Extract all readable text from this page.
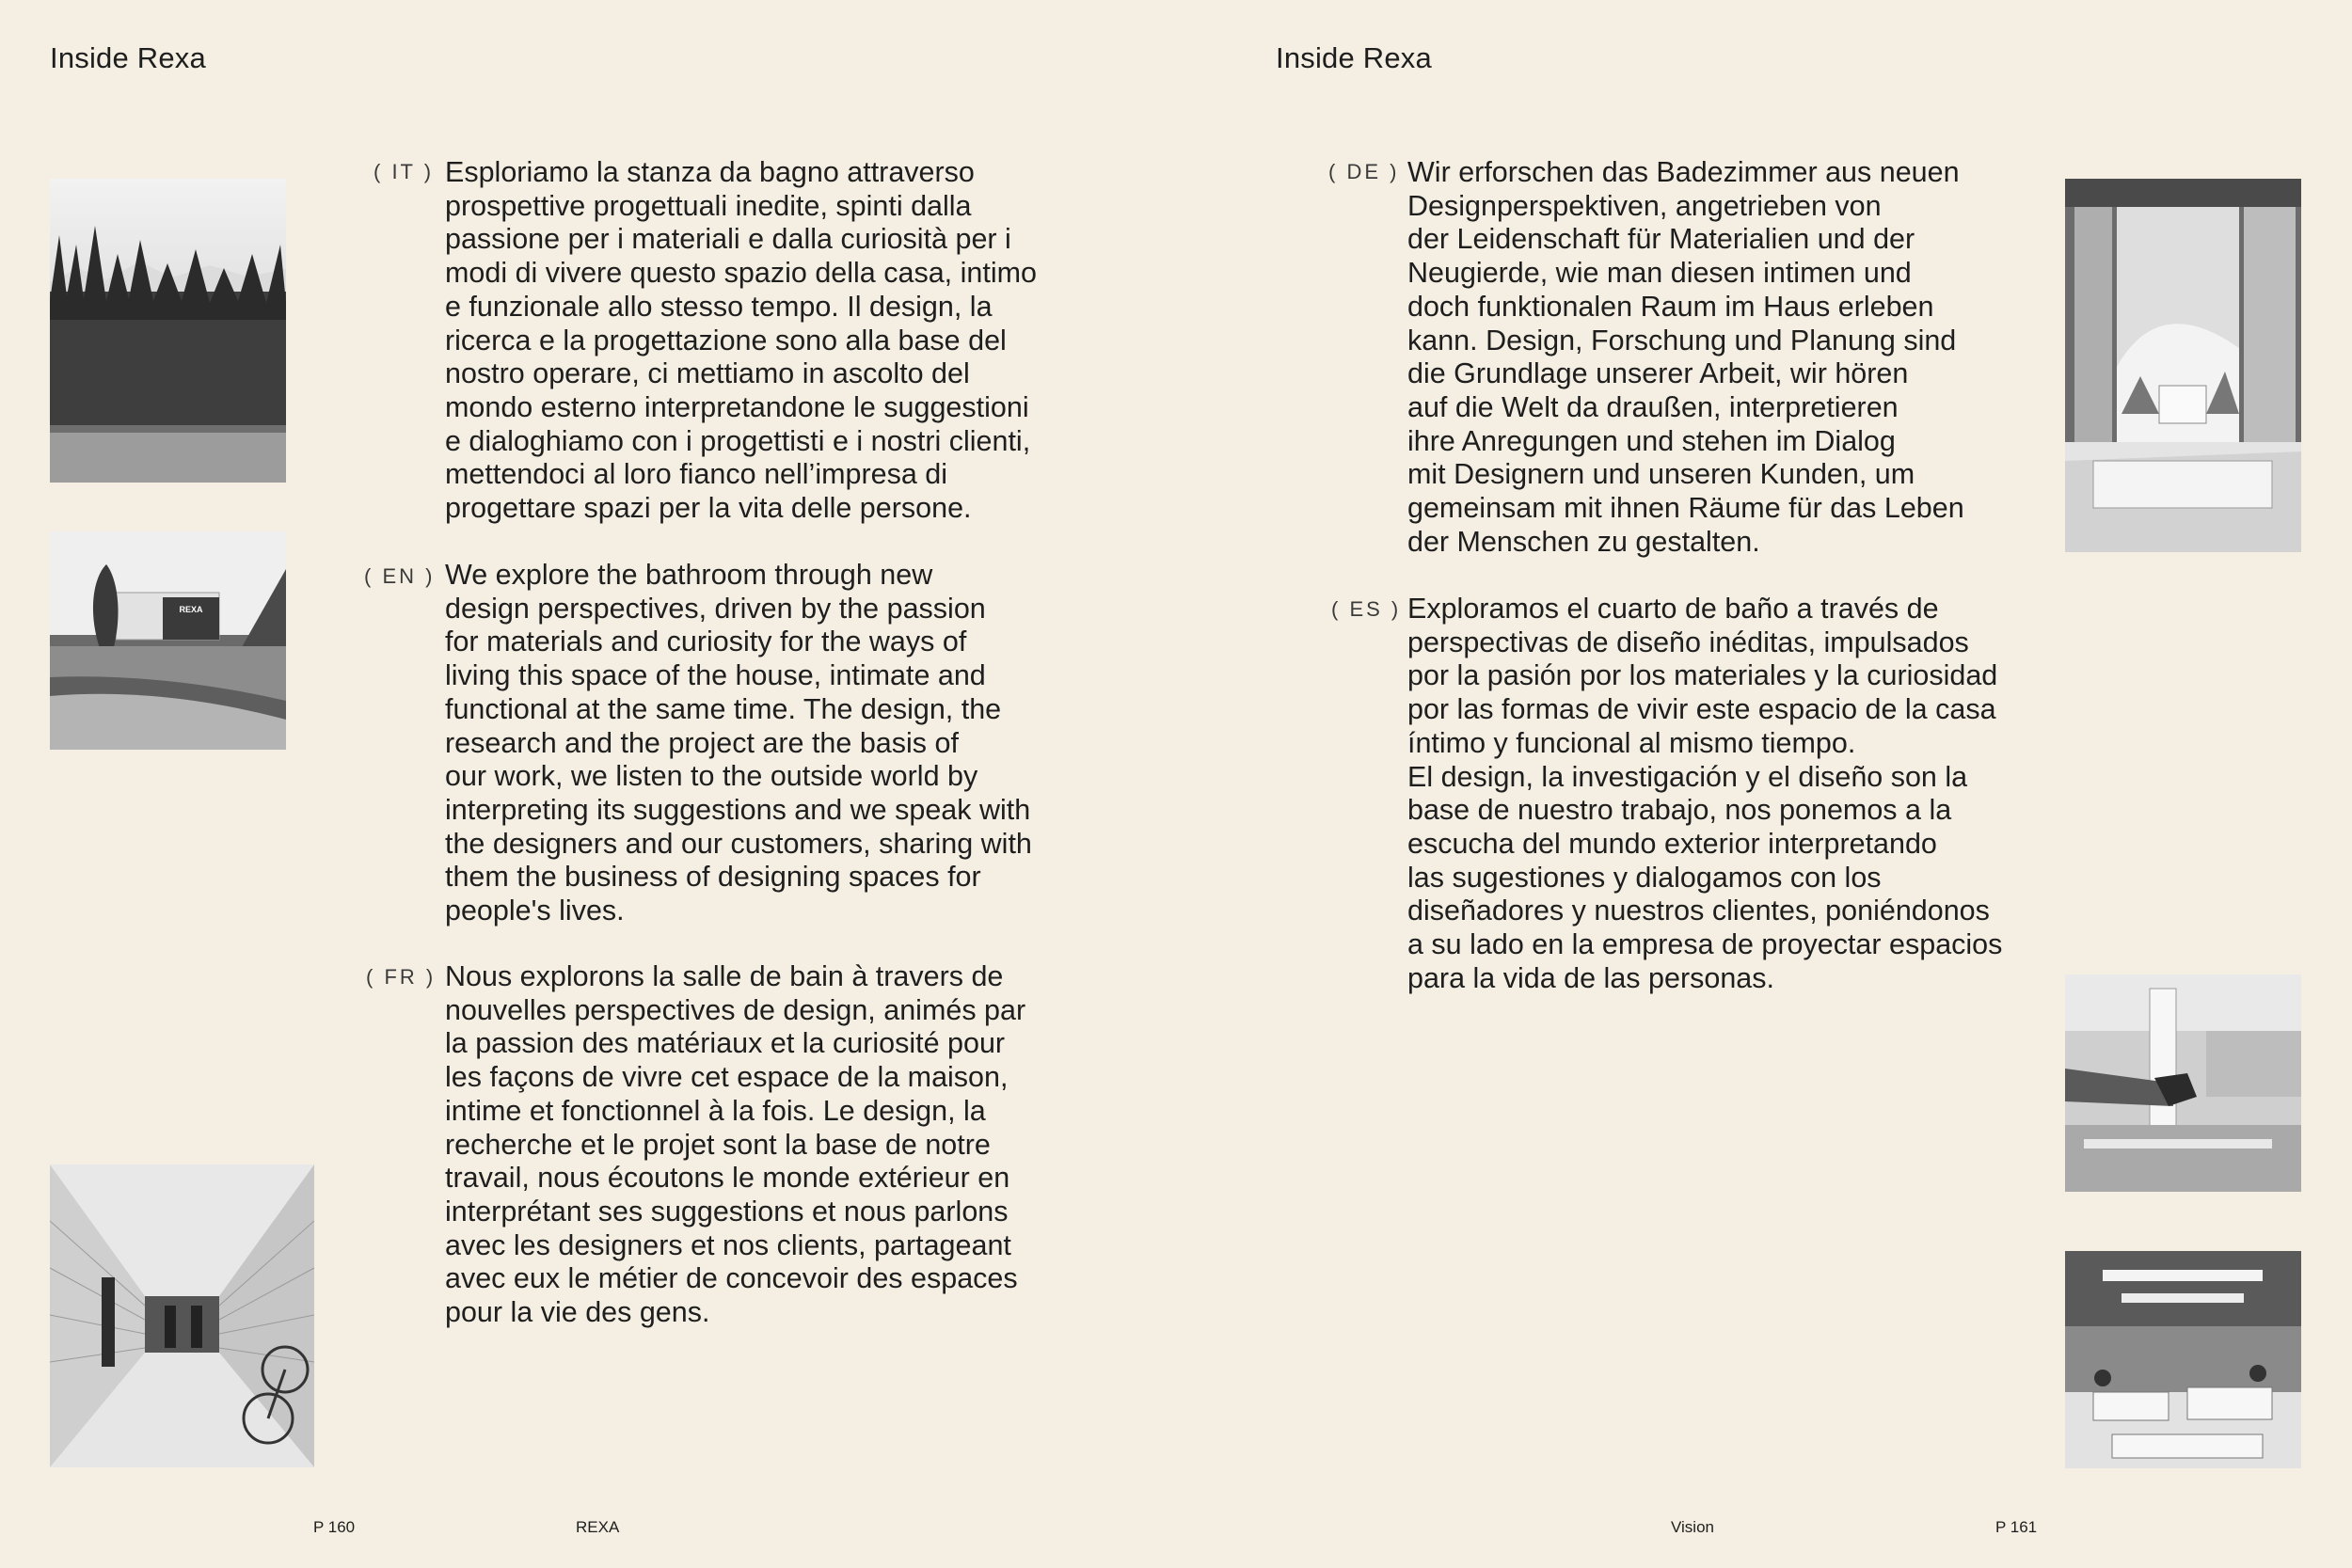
Inside Rexa
REXA
( IT ) Esploriamo la stanza da bagno attraverso
prospettive progettuali inedite, spinti dalla
passione per i materiali e dalla curiosità per i
modi di vivere questo spazio della casa, intimo
e funzionale allo stesso tempo. Il design, la
ricerca e la progettazione sono alla base del
nostro operare, ci mettiamo in ascolto del
mondo esterno interpretandone le suggestioni
e dialoghiamo con i progettisti e i nostri clienti,
mettendoci al loro fianco nell’impresa di
progettare spazi per la vita delle persone.
( EN ) We explore the bathroom through new
design perspectives, driven by the passion
for materials and curiosity for the ways of
living this space of the house, intimate and
functional at the same time. The design, the
research and the project are the basis of
our work, we listen to the outside world by
interpreting its suggestions and we speak with
the designers and our customers, sharing with
them the business of designing spaces for
people's lives.
( FR ) Nous explorons la salle de bain à travers de
nouvelles perspectives de design, animés par
la passion des matériaux et la curiosité pour
les façons de vivre cet espace de la maison,
intime et fonctionnel à la fois. Le design, la
recherche et le projet sont la base de notre
travail, nous écoutons le monde extérieur en
interprétant ses suggestions et nous parlons
avec les designers et nos clients, partageant
avec eux le métier de concevoir des espaces
pour la vie des gens.
P 160	REXA
Inside Rexa
( DE ) Wir erforschen das Badezimmer aus neuen
Designperspektiven, angetrieben von
der Leidenschaft für Materialien und der
Neugierde, wie man diesen intimen und
doch funktionalen Raum im Haus erleben
kann. Design, Forschung und Planung sind
die Grundlage unserer Arbeit, wir hören
auf die Welt da draußen, interpretieren
ihre Anregungen und stehen im Dialog
mit Designern und unseren Kunden, um
gemeinsam mit ihnen Räume für das Leben
der Menschen zu gestalten.
( ES ) Exploramos el cuarto de baño a través de
perspectivas de diseño inéditas, impulsados
por la pasión por los materiales y la curiosidad
por las formas de vivir este espacio de la casa
íntimo y funcional al mismo tiempo.
El design, la investigación y el diseño son la
base de nuestro trabajo, nos ponemos a la
escucha del mundo exterior interpretando
las sugestiones y dialogamos con los
diseñadores y nuestros clientes, poniéndonos
a su lado en la empresa de proyectar espacios
para la vida de las personas.
Vision	P 161
